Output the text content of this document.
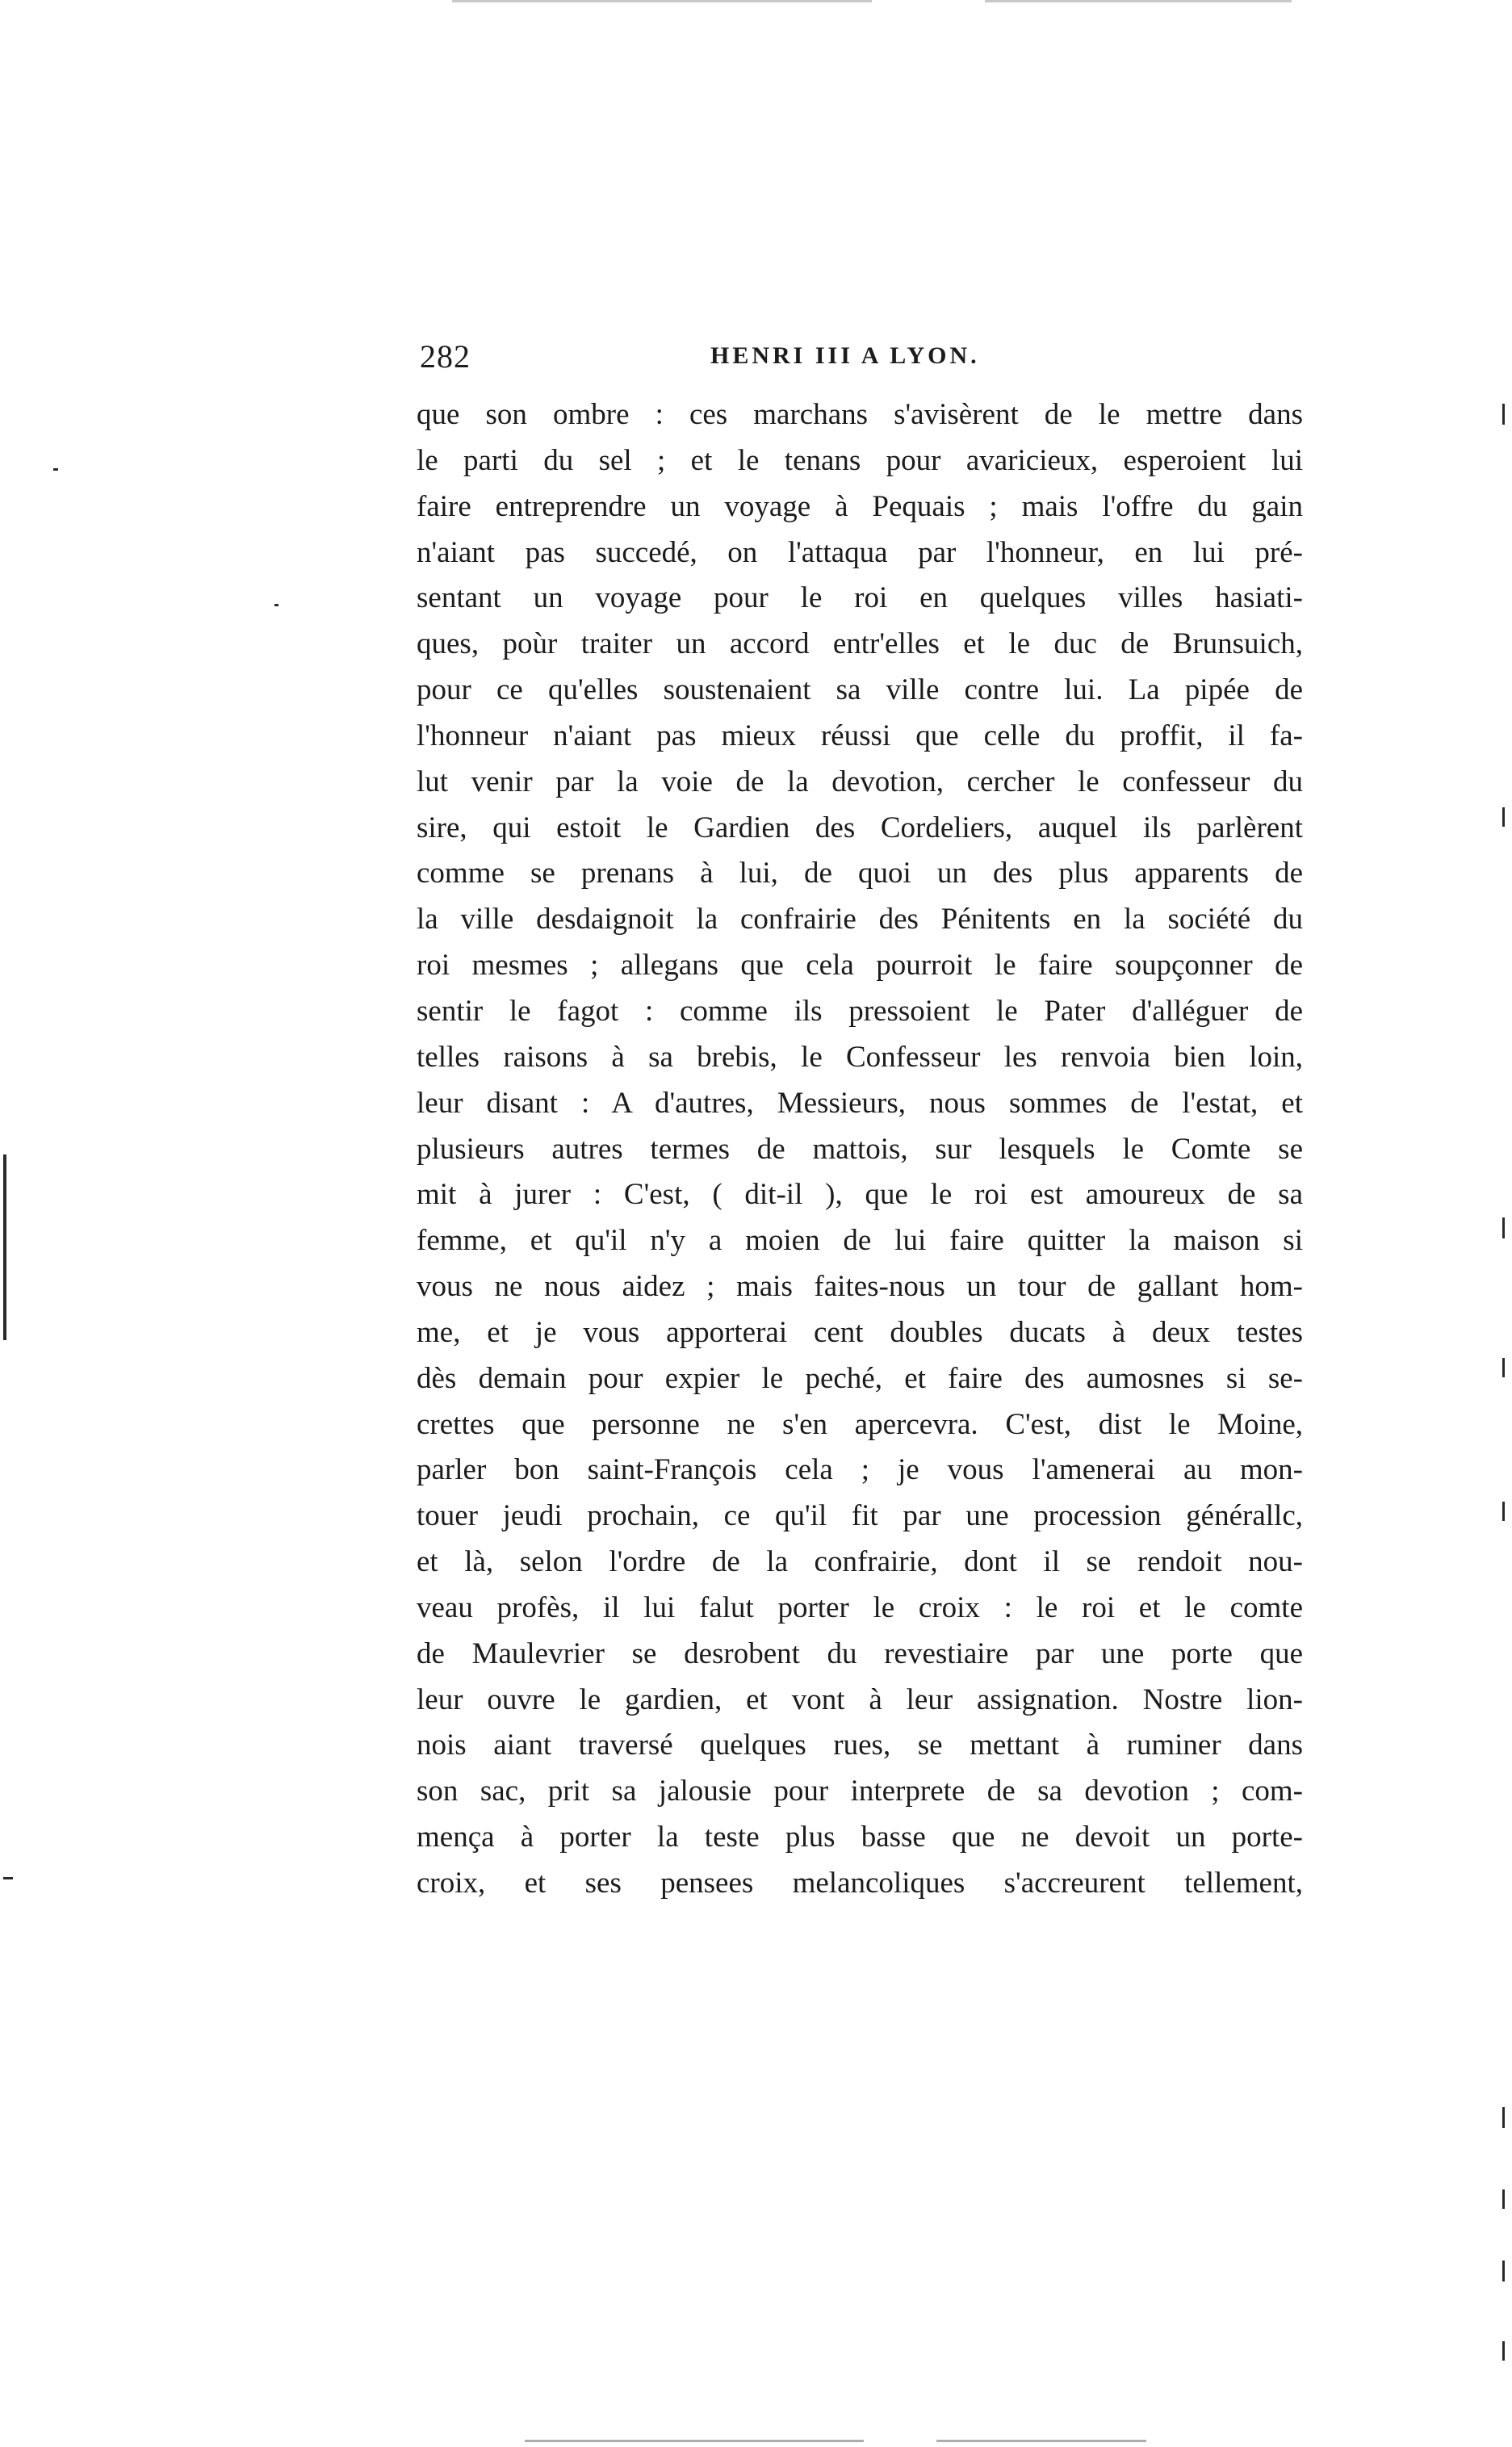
282	HENRI III A LYON.
que son ombre : ces marchans s'avisèrent de le mettre dans
le parti du sel ; et le tenans pour avaricieux, esperoient lui
faire entreprendre un voyage à Pequais ; mais l'offre du gain
n'aiant pas succedé, on l'attaqua par l'honneur, en lui pré-
sentant un voyage pour le roi en quelques villes hasiati-
ques, poùr traiter un accord entr'elles et le duc de Brunsuich,
pour ce qu'elles soustenaient sa ville contre lui. La pipée de
l'honneur n'aiant pas mieux réussi que celle du proffit, il fa-
lut venir par la voie de la devotion, cercher le confesseur du
sire, qui estoit le Gardien des Cordeliers, auquel ils parlèrent
comme se prenans à lui, de quoi un des plus apparents de
la ville desdaignoit la confrairie des Pénitents en la société du
roi mesmes ; allegans que cela pourroit le faire soupçonner de
sentir le fagot : comme ils pressoient le Pater d'alléguer de
telles raisons à sa brebis, le Confesseur les renvoia bien loin,
leur disant : A d'autres, Messieurs, nous sommes de l'estat, et
plusieurs autres termes de mattois, sur lesquels le Comte se
mit à jurer : C'est, ( dit-il ), que le roi est amoureux de sa
femme, et qu'il n'y a moien de lui faire quitter la maison si
vous ne nous aidez ; mais faites-nous un tour de gallant hom-
me, et je vous apporterai cent doubles ducats à deux testes
dès demain pour expier le peché, et faire des aumosnes si se-
crettes que personne ne s'en apercevra. C'est, dist le Moine,
parler bon saint-François cela ; je vous l'amenerai au mon-
touer jeudi prochain, ce qu'il fit par une procession générallc,
et là, selon l'ordre de la confrairie, dont il se rendoit nou-
veau profès, il lui falut porter le croix : le roi et le comte
de Maulevrier se desrobent du revestiaire par une porte que
leur ouvre le gardien, et vont à leur assignation. Nostre lion-
nois aiant traversé quelques rues, se mettant à ruminer dans
son sac, prit sa jalousie pour interprete de sa devotion ; com-
mença à porter la teste plus basse que ne devoit un porte-
croix, et ses pensees melancoliques s'accreurent tellement,
